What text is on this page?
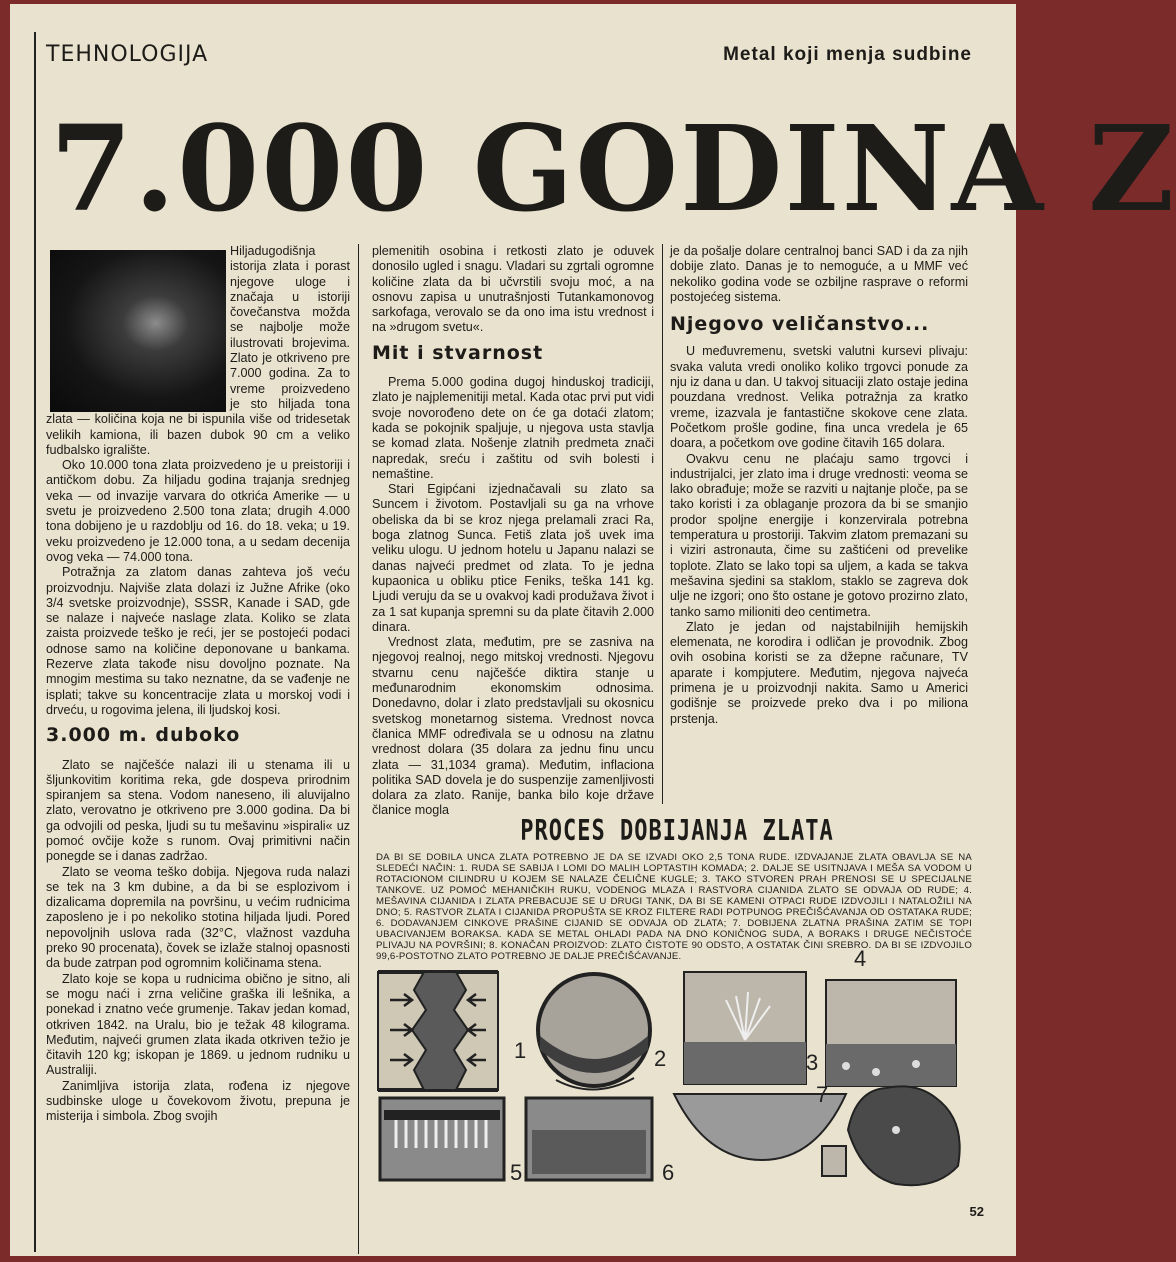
TEHNOLOGIJA	Metal koji menja sudbine
7.000 GODINA Z

Hiljadugodišnja istorija zlata i porast njegove uloge i značaja u istoriji čovečanstva možda se najbolje može ilustrovati brojevima. Zlato je otkriveno pre 7.000 godina. Za to vreme proizvedeno je sto hiljada tona zlata — količina koja ne bi ispunila više od tridesetak velikih kamiona, ili bazen dubok 90 cm a veliko fudbalsko igralište.

Oko 10.000 tona zlata proizvedeno je u preistoriji i antičkom dobu. Za hiljadu godina trajanja srednjeg veka — od invazije varvara do otkrića Amerike — u svetu je proizvedeno 2.500 tona zlata; drugih 4.000 tona dobijeno je u razdoblju od 16. do 18. veka; u 19. veku proizvedeno je 12.000 tona, a u sedam decenija ovog veka — 74.000 tona.

Potražnja za zlatom danas zahteva još veću proizvodnju. Najviše zlata dolazi iz Južne Afrike (oko 3/4 svetske proizvodnje), SSSR, Kanade i SAD, gde se nalaze i najveće naslage zlata. Koliko se zlata zaista proizvede teško je reći, jer se postojeći podaci odnose samo na količine deponovane u bankama. Rezerve zlata takođe nisu dovoljno poznate. Na mnogim mestima su tako neznatne, da se vađenje ne isplati; takve su koncentracije zlata u morskoj vodi i drveću, u rogovima jelena, ili ljudskoj kosi.

3.000 m. duboko

Zlato se najčešće nalazi ili u stenama ili u šljunkovitim koritima reka, gde dospeva prirodnim spiranjem sa stena. Vodom naneseno, ili aluvijalno zlato, verovatno je otkriveno pre 3.000 godina. Da bi ga odvojili od peska, ljudi su tu mešavinu »ispirali« uz pomoć ovčije kože s runom. Ovaj primitivni način ponegde se i danas zadržao.

Zlato se veoma teško dobija. Njegova ruda nalazi se tek na 3 km dubine, a da bi se esplozivom i dizalicama dopremila na površinu, u većim rudnicima zaposleno je i po nekoliko stotina hiljada ljudi. Pored nepovoljnih uslova rada (32°C, vlažnost vazduha preko 90 procenata), čovek se izlaže stalnoj opasnosti da bude zatrpan pod ogromnim količinama stena.

Zlato koje se kopa u rudnicima obično je sitno, ali se mogu naći i zrna veličine graška ili lešnika, a ponekad i znatno veće grumenje. Takav jedan komad, otkriven 1842. na Uralu, bio je težak 48 kilograma. Međutim, najveći grumen zlata ikada otkriven težio je čitavih 120 kg; iskopan je 1869. u jednom rudniku u Australiji.

Zanimljiva istorija zlata, rođena iz njegove sudbinske uloge u čovekovom životu, prepuna je misterija i simbola. Zbog svojih

plemenitih osobina i retkosti zlato je oduvek donosilo ugled i snagu. Vladari su zgrtali ogromne količine zlata da bi učvrstili svoju moć, a na osnovu zapisa u unutrašnjosti Tutankamonovog sarkofaga, verovalo se da ono ima istu vrednost i na »drugom svetu«.

Mit i stvarnost

Prema 5.000 godina dugoj hinduskoj tradiciji, zlato je najplemenitiji metal. Kada otac prvi put vidi svoje novorođeno dete on će ga dotaći zlatom; kada se pokojnik spaljuje, u njegova usta stavlja se komad zlata. Nošenje zlatnih predmeta znači napredak, sreću i zaštitu od svih bolesti i nemaštine.

Stari Egipćani izjednačavali su zlato sa Suncem i životom. Postavljali su ga na vrhove obeliska da bi se kroz njega prelamali zraci Ra, boga zlatnog Sunca. Fetiš zlata još uvek ima veliku ulogu. U jednom hotelu u Japanu nalazi se danas najveći predmet od zlata. To je jedna kupaonica u obliku ptice Feniks, teška 141 kg. Ljudi veruju da se u ovakvoj kadi produžava život i za 1 sat kupanja spremni su da plate čitavih 2.000 dinara.

Vrednost zlata, međutim, pre se zasniva na njegovoj realnoj, nego mitskoj vrednosti. Njegovu stvarnu cenu najčešće diktira stanje u međunarodnim ekonomskim odnosima. Donedavno, dolar i zlato predstavljali su okosnicu svetskog monetarnog sistema. Vrednost novca članica MMF određivala se u odnosu na zlatnu vrednost dolara (35 dolara za jednu finu uncu zlata — 31,1034 grama). Međutim, inflaciona politika SAD dovela je do suspenzije zamenljivosti dolara za zlato. Ranije, banka bilo koje države članice mogla

je da pošalje dolare centralnoj banci SAD i da za njih dobije zlato. Danas je to nemoguće, a u MMF već nekoliko godina vode se ozbiljne rasprave o reformi postojećeg sistema.

Njegovo veličanstvo...

U međuvremenu, svetski valutni kursevi plivaju: svaka valuta vredi onoliko koliko trgovci ponude za nju iz dana u dan. U takvoj situaciji zlato ostaje jedina pouzdana vrednost. Velika potražnja za kratko vreme, izazvala je fantastične skokove cene zlata. Početkom prošle godine, fina unca vredela je 65 doara, a početkom ove godine čitavih 165 dolara.

Ovakvu cenu ne plaćaju samo trgovci i industrijalci, jer zlato ima i druge vrednosti: veoma se lako obrađuje; može se razviti u najtanje ploče, pa se tako koristi i za oblaganje prozora da bi se smanjio prodor spoljne energije i konzervirala potrebna temperatura u prostoriji. Takvim zlatom premazani su i viziri astronauta, čime su zaštićeni od prevelike toplote. Zlato se lako topi sa uljem, a kada se takva mešavina sjedini sa staklom, staklo se zagreva dok ulje ne izgori; ono što ostane je gotovo prozirno zlato, tanko samo milioniti deo centimetra.

Zlato je jedan od najstabilnijih hemijskih elemenata, ne korodira i odličan je provodnik. Zbog ovih osobina koristi se za džepne računare, TV aparate i kompjutere. Međutim, njegova najveća primena je u proizvodnji nakita. Samo u Americi godišnje se proizvede preko dva i po miliona prstenja.

PROCES DOBIJANJA ZLATA
DA BI SE DOBILA UNCA ZLATA POTREBNO JE DA SE IZVADI OKO 2,5 TONA RUDE. IZDVAJANJE ZLATA OBAVLJA SE NA SLEDEĆI NAČIN: 1. RUDA SE SABIJA I LOMI DO MALIH LOPTASTIH KOMADA; 2. DALJE SE USITNJAVA I MEŠA SA VODOM U ROTACIONOM CILINDRU U KOJEM SE NALAZE ČELIČNE KUGLE; 3. TAKO STVOREN PRAH PRENOSI SE U SPECIJALNE TANKOVE. UZ POMOĆ MEHANIČKIH RUKU, VODENOG MLAZA I RASTVORA CIJANIDA ZLATO SE ODVAJA OD RUDE; 4. MEŠAVINA CIJANIDA I ZLATA PREBACUJE SE U DRUGI TANK, DA BI SE KAMENI OTPACI RUDE IZDVOJILI I NATALOŽILI NA DNO; 5. RASTVOR ZLATA I CIJANIDA PROPUŠTA SE KROZ FILTERE RADI POTPUNOG PREČIŠĆAVANJA OD OSTATAKA RUDE; 6. DODAVANJEM CINKOVE PRAŠINE CIJANID SE ODVAJA OD ZLATA; 7. DOBIJENA ZLATNA PRAŠINA ZATIM SE TOPI UBACIVANJEM BORAKSA. KADA SE METAL OHLADI PADA NA DNO KONIČNOG SUDA, A BORAKS I DRUGE NEČISTOĆE PLIVAJU NA POVRŠINI; 8. KONAČAN PROIZVOD: ZLATO ČISTOTE 90 ODSTO, A OSTATAK ČINI SREBRO. DA BI SE IZDVOJILO 99,6-POSTOTNO ZLATO POTREBNO JE DALJE PREČIŠĆAVANJE.
1	2	3
4
5	6
7
52
